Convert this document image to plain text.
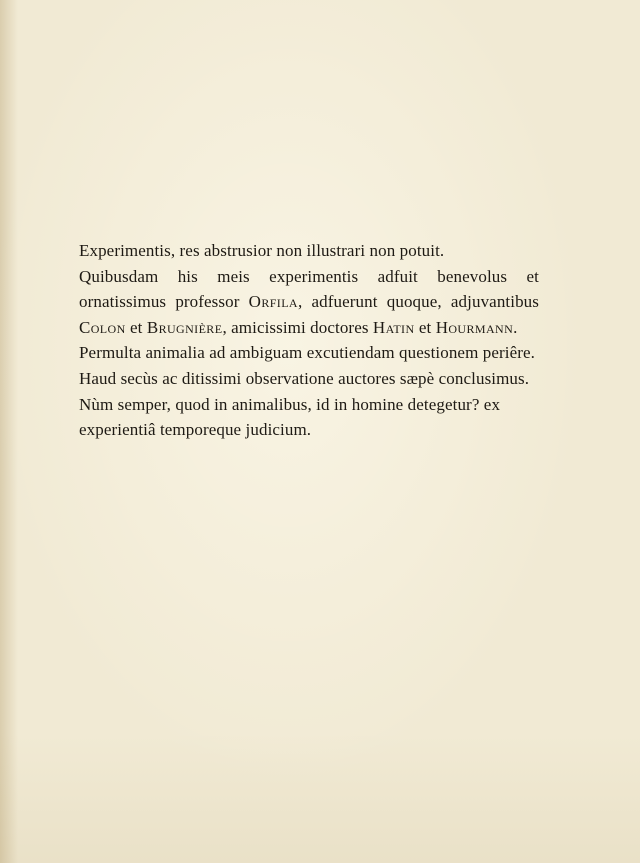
Experimentis, res abstrusior non illustrari non potuit.

Quibusdam his meis experimentis adfuit benevolus et ornatissimus professor Orfila, adfuerunt quoque, adjuvantibus Colon et Brugnière, amicissimi doctores Hatin et Hourmann.

Permulta animalia ad ambiguam excutiendam questionem periêre.

Haud secùs ac ditissimi observatione auctores sæpè conclusimus.

Nùm semper, quod in animalibus, id in homine detegetur? ex experientiâ temporeque judicium.
